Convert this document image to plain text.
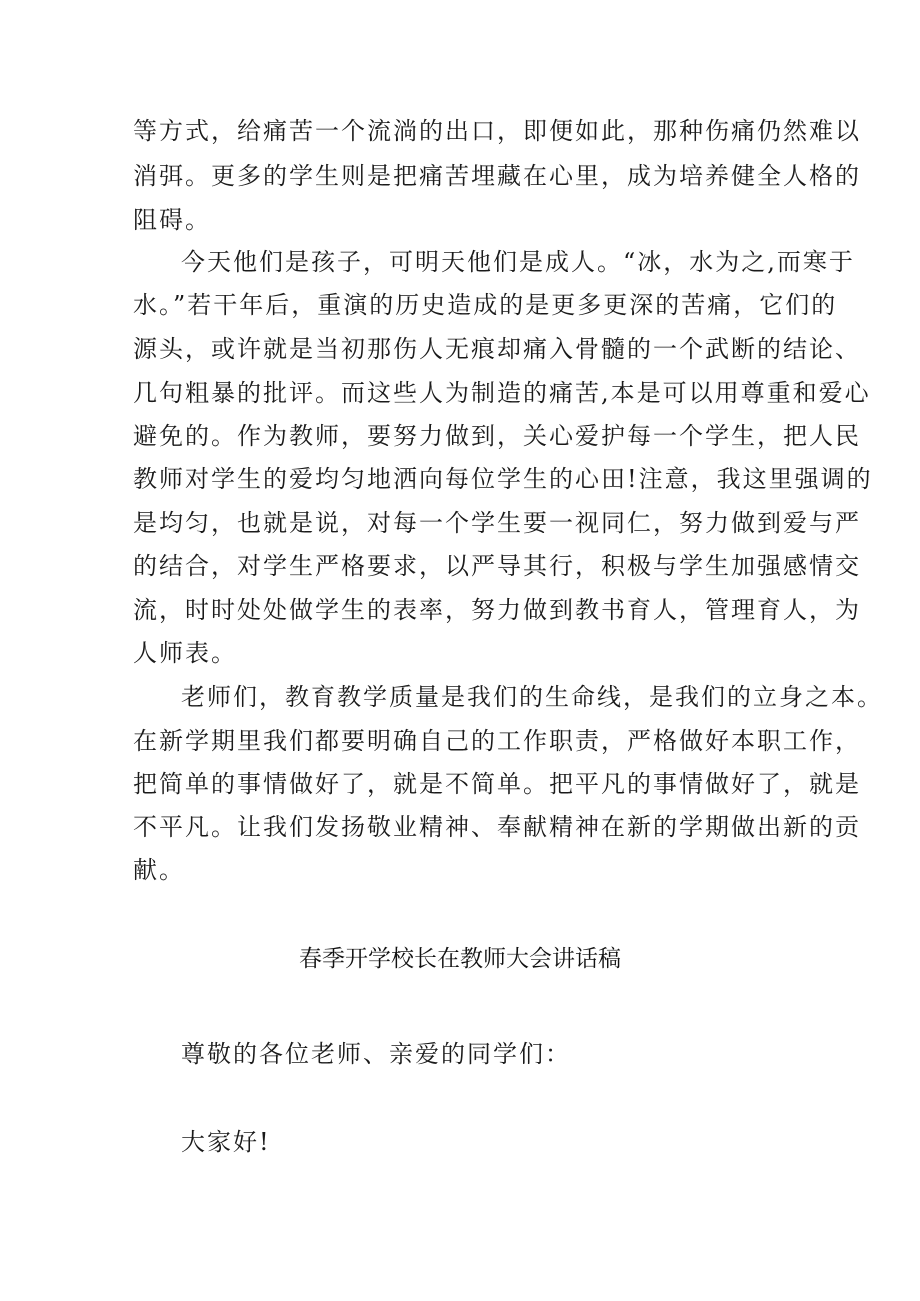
等方式，给痛苦一个流淌的出口，即便如此，那种伤痛仍然难以
消弭。更多的学生则是把痛苦埋藏在心里，成为培养健全人格的
阻碍。
今天他们是孩子，可明天他们是成人。“冰，水为之,而寒于
水。”若干年后，重演的历史造成的是更多更深的苦痛，它们的
源头，或许就是当初那伤人无痕却痛入骨髓的一个武断的结论、
几句粗暴的批评。而这些人为制造的痛苦,本是可以用尊重和爱心
避免的。作为教师，要努力做到，关心爱护每一个学生，把人民
教师对学生的爱均匀地洒向每位学生的心田!注意，我这里强调的
是均匀，也就是说，对每一个学生要一视同仁，努力做到爱与严
的结合，对学生严格要求，以严导其行，积极与学生加强感情交
流，时时处处做学生的表率，努力做到教书育人，管理育人，为
人师表。
老师们，教育教学质量是我们的生命线，是我们的立身之本。
在新学期里我们都要明确自己的工作职责，严格做好本职工作，
把简单的事情做好了，就是不简单。把平凡的事情做好了，就是
不平凡。让我们发扬敬业精神、奉献精神在新的学期做出新的贡
献。
春季开学校长在教师大会讲话稿
尊敬的各位老师、亲爱的同学们：
大家好!
